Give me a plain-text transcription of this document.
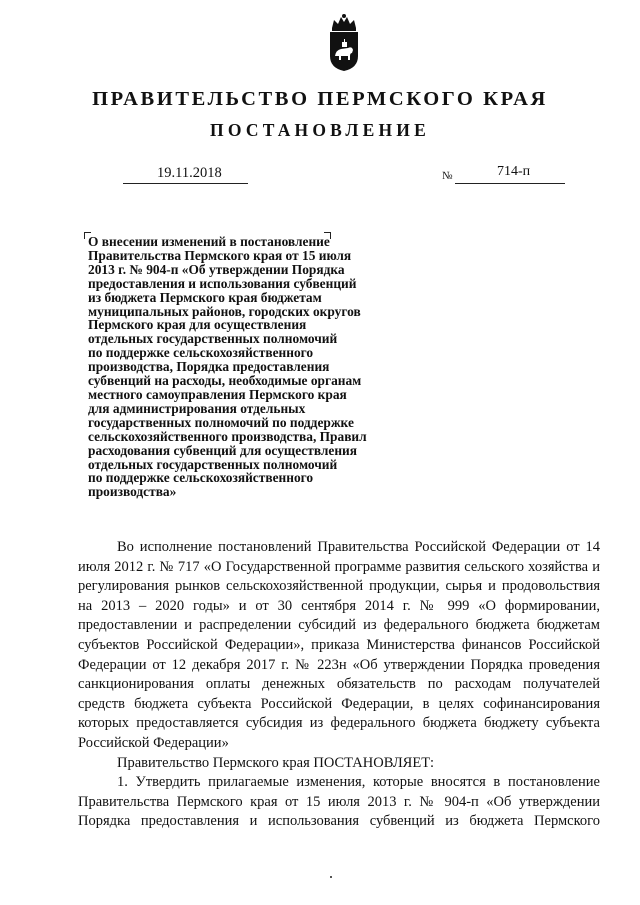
ПРАВИТЕЛЬСТВО ПЕРМСКОГО КРАЯ
ПОСТАНОВЛЕНИЕ
19.11.2018	№	714-п
О внесении изменений в постановление
Правительства Пермского края от 15 июля
2013 г. № 904-п «Об утверждении Порядка
предоставления и использования субвенций
из бюджета Пермского края бюджетам
муниципальных районов, городских округов
Пермского края для осуществления
отдельных государственных полномочий
по поддержке сельскохозяйственного
производства, Порядка предоставления
субвенций на расходы, необходимые органам
местного самоуправления Пермского края
для администрирования отдельных
государственных полномочий по поддержке
сельскохозяйственного производства, Правил
расходования субвенций для осуществления
отдельных государственных полномочий
по поддержке сельскохозяйственного
производства»

Во исполнение постановлений Правительства Российской Федерации от 14 июля 2012 г. № 717 «О Государственной программе развития сельского хозяйства и регулирования рынков сельскохозяйственной продукции, сырья и продовольствия на 2013 – 2020 годы» и от 30 сентября 2014 г. № 999 «О формировании, предоставлении и распределении субсидий из федерального бюджета бюджетам субъектов Российской Федерации», приказа Министерства финансов Российской Федерации от 12 декабря 2017 г. № 223н «Об утверждении Порядка проведения санкционирования оплаты денежных обязательств по расходам получателей средств бюджета субъекта Российской Федерации, в целях софинансирования которых предоставляется субсидия из федерального бюджета бюджету субъекта Российской Федерации»

Правительство Пермского края ПОСТАНОВЛЯЕТ:

1. Утвердить прилагаемые изменения, которые вносятся в постановление Правительства Пермского края от 15 июля 2013 г. № 904-п «Об утверждении Порядка предоставления и использования субвенций из бюджета Пермского
